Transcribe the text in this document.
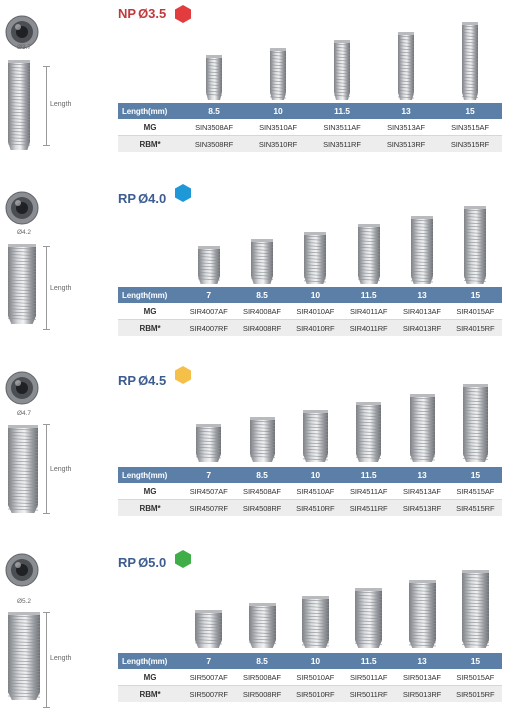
Ø3.7
Length
NP Ø3.5
Length(mm)	8.5	10	11.5	13	15
MG	SIN3508AF	SIN3510AF	SIN3511AF	SIN3513AF	SIN3515AF
RBM*	SIN3508RF	SIN3510RF	SIN3511RF	SIN3513RF	SIN3515RF
Ø4.2
Length
RP Ø4.0
Length(mm)	7	8.5	10	11.5	13	15
MG	SIR4007AF	SIR4008AF	SIR4010AF	SIR4011AF	SIR4013AF	SIR4015AF
RBM*	SIR4007RF	SIR4008RF	SIR4010RF	SIR4011RF	SIR4013RF	SIR4015RF
Ø4.7
Length
RP Ø4.5
Length(mm)	7	8.5	10	11.5	13	15
MG	SIR4507AF	SIR4508AF	SIR4510AF	SIR4511AF	SIR4513AF	SIR4515AF
RBM*	SIR4507RF	SIR4508RF	SIR4510RF	SIR4511RF	SIR4513RF	SIR4515RF
Ø5.2
Length
RP Ø5.0
Length(mm)	7	8.5	10	11.5	13	15
MG	SIR5007AF	SIR5008AF	SIR5010AF	SIR5011AF	SIR5013AF	SIR5015AF
RBM*	SIR5007RF	SIR5008RF	SIR5010RF	SIR5011RF	SIR5013RF	SIR5015RF
